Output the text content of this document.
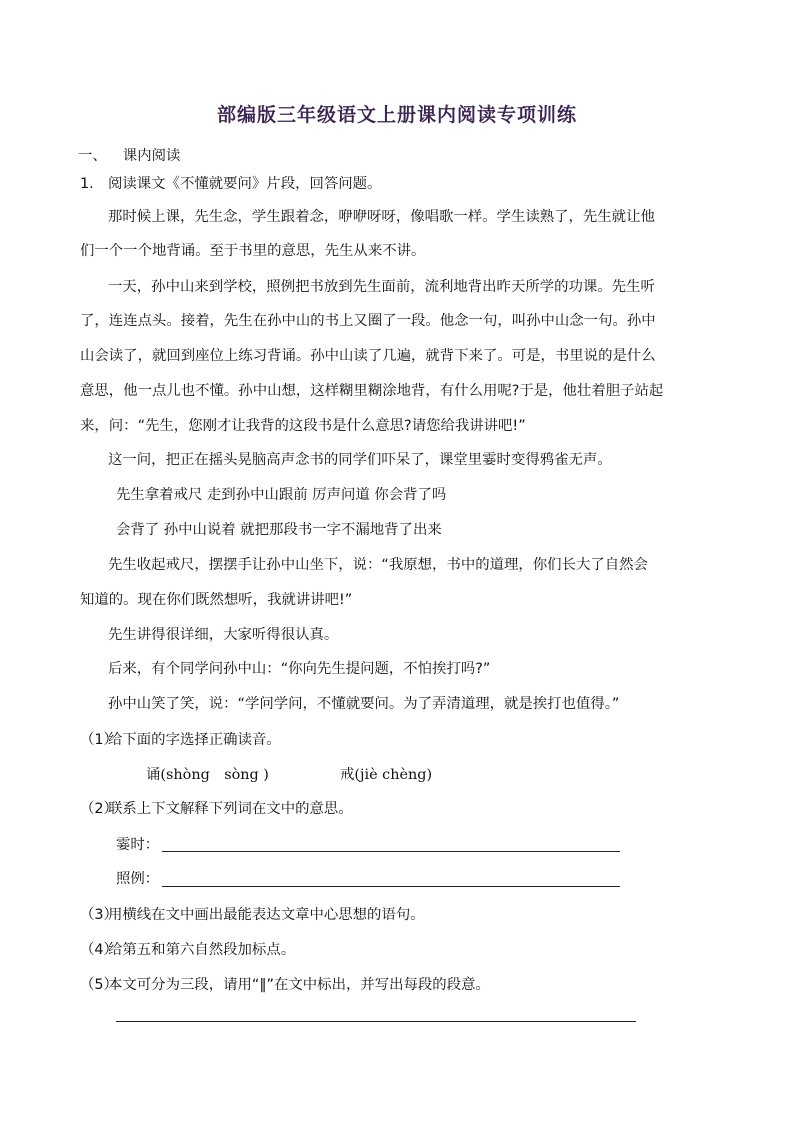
部编版三年级语文上册课内阅读专项训练
一、 课内阅读
1. 阅读课文《不懂就要问》片段，回答问题。
那时候上课，先生念，学生跟着念，咿咿呀呀，像唱歌一样。学生读熟了，先生就让他
们一个一个地背诵。至于书里的意思，先生从来不讲。
一天，孙中山来到学校，照例把书放到先生面前，流利地背出昨天所学的功课。先生听
了，连连点头。接着，先生在孙中山的书上又圈了一段。他念一句，叫孙中山念一句。孙中
山会读了，就回到座位上练习背诵。孙中山读了几遍，就背下来了。可是，书里说的是什么
意思，他一点儿也不懂。孙中山想，这样糊里糊涂地背，有什么用呢?于是，他壮着胆子站起
来，问：“先生，您刚才让我背的这段书是什么意思?请您给我讲讲吧!”
这一问，把正在摇头晃脑高声念书的同学们吓呆了，课堂里霎时变得鸦雀无声。
先生拿着戒尺 走到孙中山跟前 厉声问道 你会背了吗
会背了 孙中山说着 就把那段书一字不漏地背了出来
先生收起戒尺，摆摆手让孙中山坐下，说：“我原想，书中的道理，你们长大了自然会
知道的。现在你们既然想听，我就讲讲吧!”
先生讲得很详细，大家听得很认真。
后来，有个同学问孙中山：“你向先生提问题，不怕挨打吗?”
孙中山笑了笑，说：“学问学问，不懂就要问。为了弄清道理，就是挨打也值得。”
（1）给下面的字选择正确读音。
诵(shòng　sòng )	戒(jiè chèng)
（2）联系上下文解释下列词在文中的意思。
霎时：
照例：
（3）用横线在文中画出最能表达文章中心思想的语句。
（4）给第五和第六自然段加标点。
（5）本文可分为三段，请用“‖”在文中标出，并写出每段的段意。
